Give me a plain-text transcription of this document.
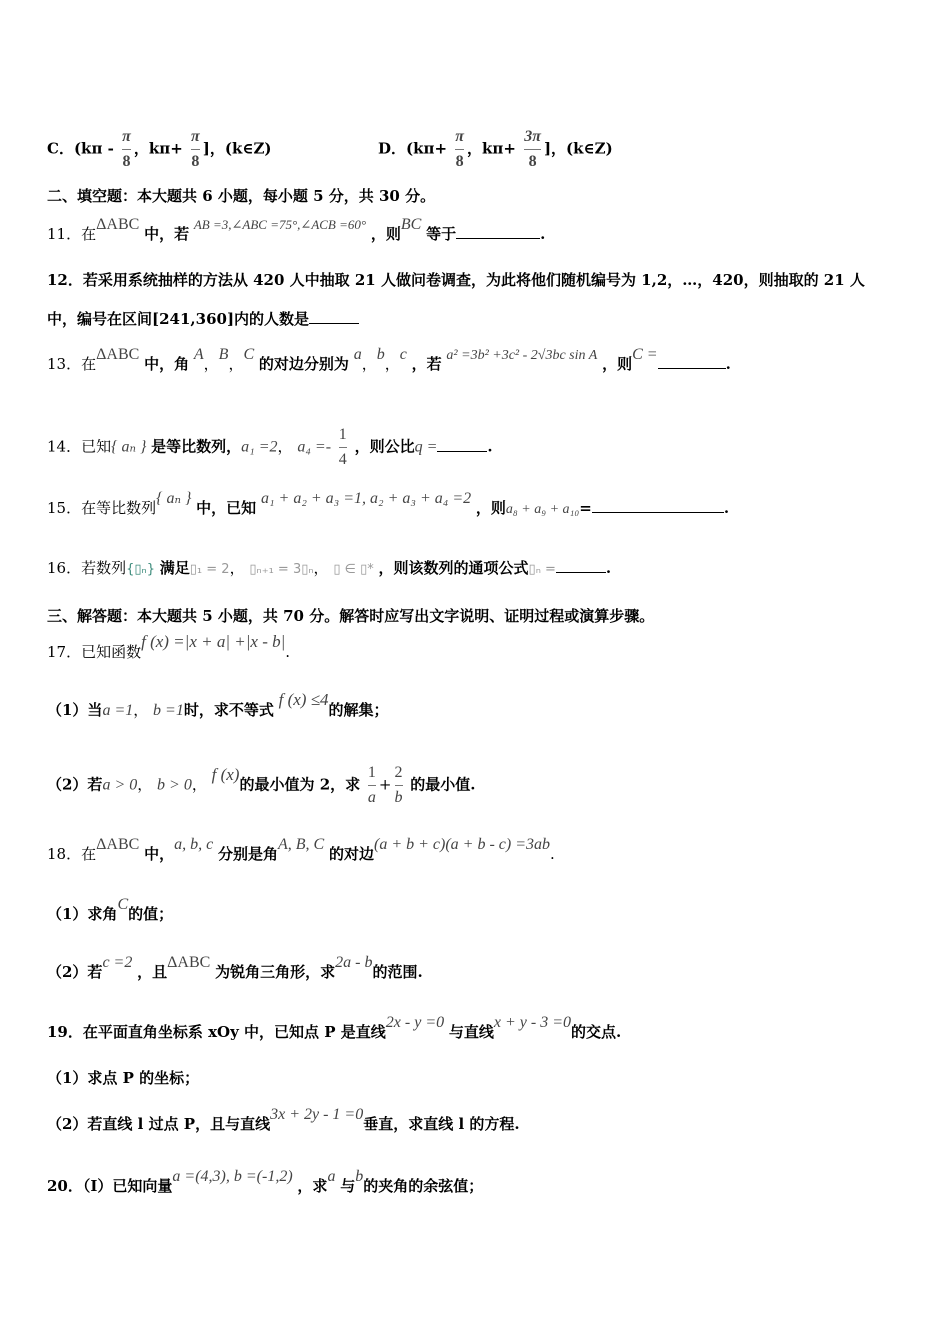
C．($k\pi - \frac{\pi}{8}$ ，$k\pi+ \frac{\pi}{8}$ ]，(k∈Z)	D．($k\pi+ \frac{\pi}{8}$ ，$k\pi+ \frac{3\pi}{8}$ ]，(k∈Z)
二、填空题：本大题共 6 小题，每小题 5 分，共 30 分。
11．在ΔABC 中，若 AB =3,∠ABC =75°,∠ACB =60° ，则BC 等于	.
12．若采用系统抽样的方法从 420 人中抽取 21 人做问卷调查，为此将他们随机编号为 1,2，…，420，则抽取的 21 人
中，编号在区间[241,360]内的人数是
13．在ΔABC 中，角 A，B，C 的对边分别为 a，b，c ，若 a² =3b² +3c² - 2√3bc sin A ，则C =.
14．已知{ aₙ } 是等比数列，a₁ =2， $a_4 =- \frac{1}{4}$ ，则公比q =	.
15．在等比数列{ aₙ } 中，已知 a₁ + a₂ + a₃ =1, a₂ + a₃ + a₄ =2 ，则a₈ + a₉ + a₁₀=	.
16．若数列{▯ₙ} 满足▯₁ = 2， ▯ₙ₊₁ = 3▯ₙ， ▯ ∈ ▯* ，则该数列的通项公式▯ₙ =	.
三、解答题：本大题共 5 小题，共 70 分。解答时应写出文字说明、证明过程或演算步骤。
17．已知函数f (x) =|x + a| +|x - b|.
（1）当a =1， b =1时，求不等式 f (x) ≤4的解集；
（2）若a > 0， b > 0， f (x)的最小值为 2，求 $\frac{1}{a} + \frac{2}{b}$ 的最小值.
18．在ΔABC 中，a, b, c 分别是角A, B, C 的对边(a + b + c)(a + b - c) =3ab.
（1）求角C的值；
（2）若c =2 ，且ΔABC 为锐角三角形，求2a - b的范围.
19．在平面直角坐标系 xOy 中，已知点 P 是直线2x - y =0 与直线x + y - 3 =0的交点.
（1）求点 P 的坐标；
（2）若直线 l 过点 P，且与直线3x + 2y - 1 =0垂直，求直线 l 的方程.
20．（Ⅰ）已知向量a =(4,3), b =(-1,2) ，求a 与b的夹角的余弦值；
